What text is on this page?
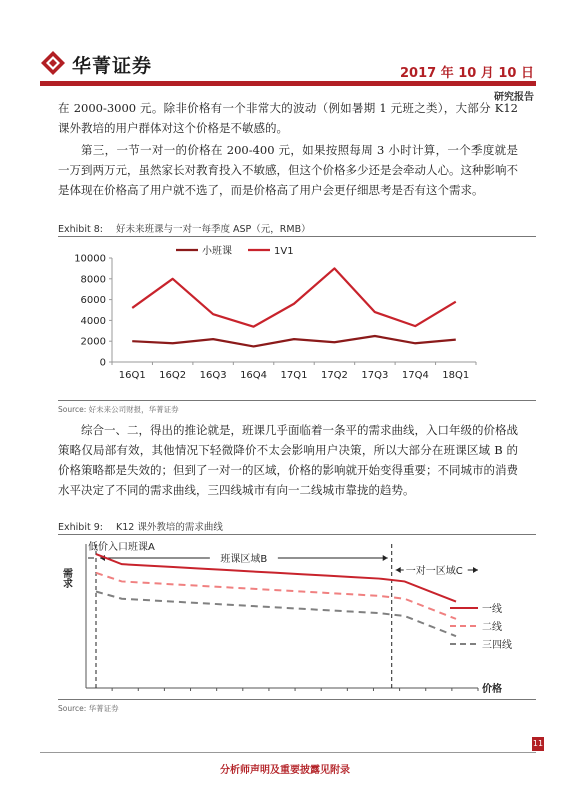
华菁证券	2017 年 10 月 10 日
研究报告
在 2000-3000 元。除非价格有一个非常大的波动（例如暑期 1 元班之类），大部分 K12 课外教培的用户群体对这个价格是不敏感的。
第三，一节一对一的价格在 200-400 元，如果按照每周 3 小时计算，一个季度就是一万到两万元，虽然家长对教育投入不敏感，但这个价格多少还是会牵动人心。这种影响不是体现在价格高了用户就不选了，而是价格高了用户会更仔细思考是否有这个需求。
Exhibit 8: 好未来班课与一对一每季度 ASP（元，RMB）
0
2000
4000
6000
8000
10000
16Q1 16Q2 16Q3 16Q4 17Q1 17Q2 17Q3 17Q4 18Q1
小班课	1V1
Source: 好未来公司财报，华菁证券
综合一、二，得出的推论就是，班课几乎面临着一条平的需求曲线，入口年级的价格战策略仅局部有效，其他情况下轻微降价不太会影响用户决策，所以大部分在班课区域 B 的价格策略都是失效的；但到了一对一的区域，价格的影响就开始变得重要；不同城市的消费水平决定了不同的需求曲线，三四线城市有向一二线城市靠拢的趋势。
Exhibit 9: K12 课外教培的需求曲线
需求
价格
低价入口班课A
班课区域B
一对一区域C
一线
二线
三四线
Source: 华菁证券
11
分析师声明及重要披露见附录
